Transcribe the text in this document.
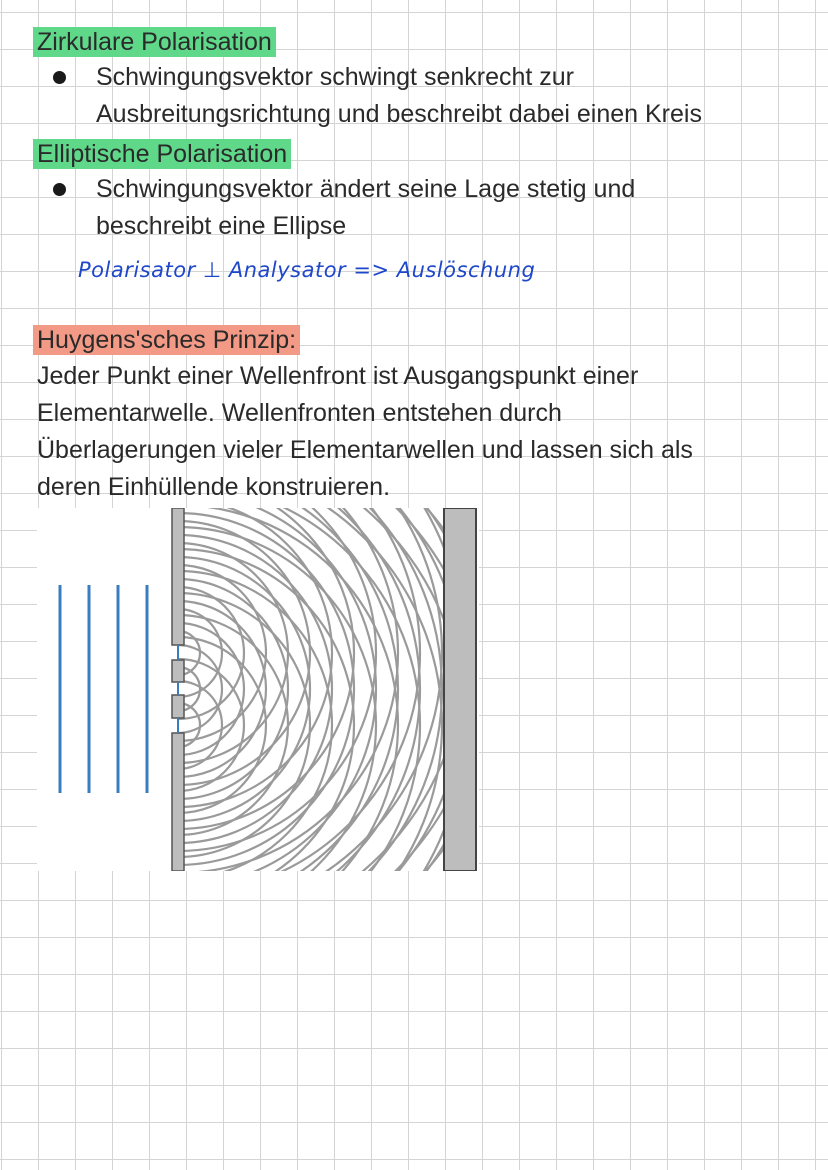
Zirkulare Polarisation
Schwingungsvektor schwingt senkrecht zur
Ausbreitungsrichtung und beschreibt dabei einen Kreis
Elliptische Polarisation
Schwingungsvektor ändert seine Lage stetig und
beschreibt eine Ellipse
Polarisator ⊥ Analysator => Auslöschung
Huygens'sches Prinzip:
Jeder Punkt einer Wellenfront ist Ausgangspunkt einer
Elementarwelle. Wellenfronten entstehen durch
Überlagerungen vieler Elementarwellen und lassen sich als
deren Einhüllende konstruieren.
